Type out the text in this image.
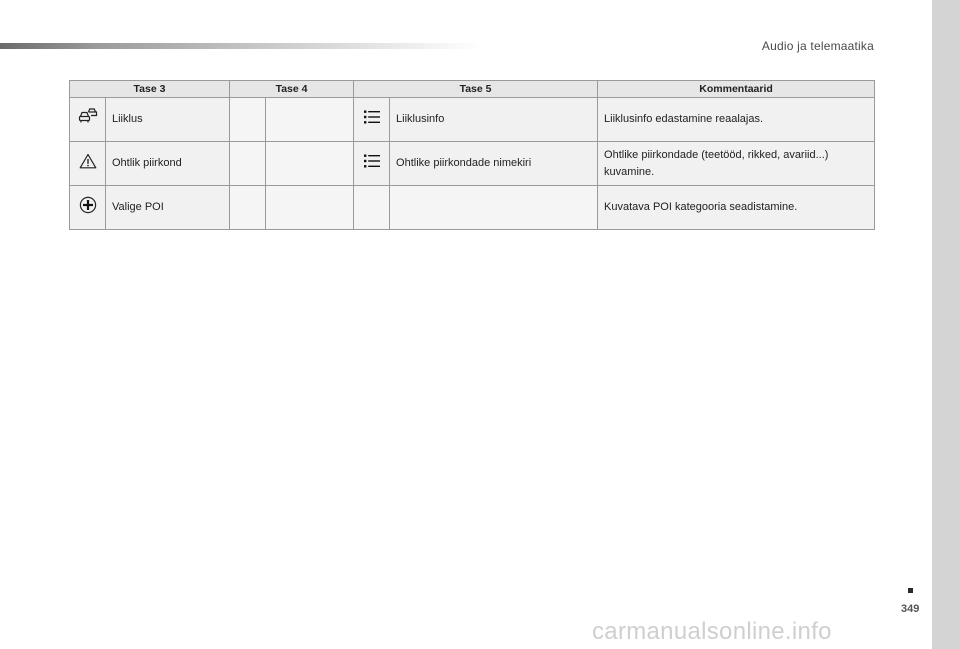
Audio ja telemaatika
Tase 3		Tase 4		Tase 5		Kommentaarid
	Liiklus				Liiklusinfo	Liiklusinfo edastamine reaalajas.
	Ohtlik piirkond				Ohtlike piirkondade nimekiri	Ohtlike piirkondade (teetööd, rikked, avariid...) kuvamine.
	Valige POI					Kuvatava POI kategooria seadistamine.
349
carmanualsonline.info
